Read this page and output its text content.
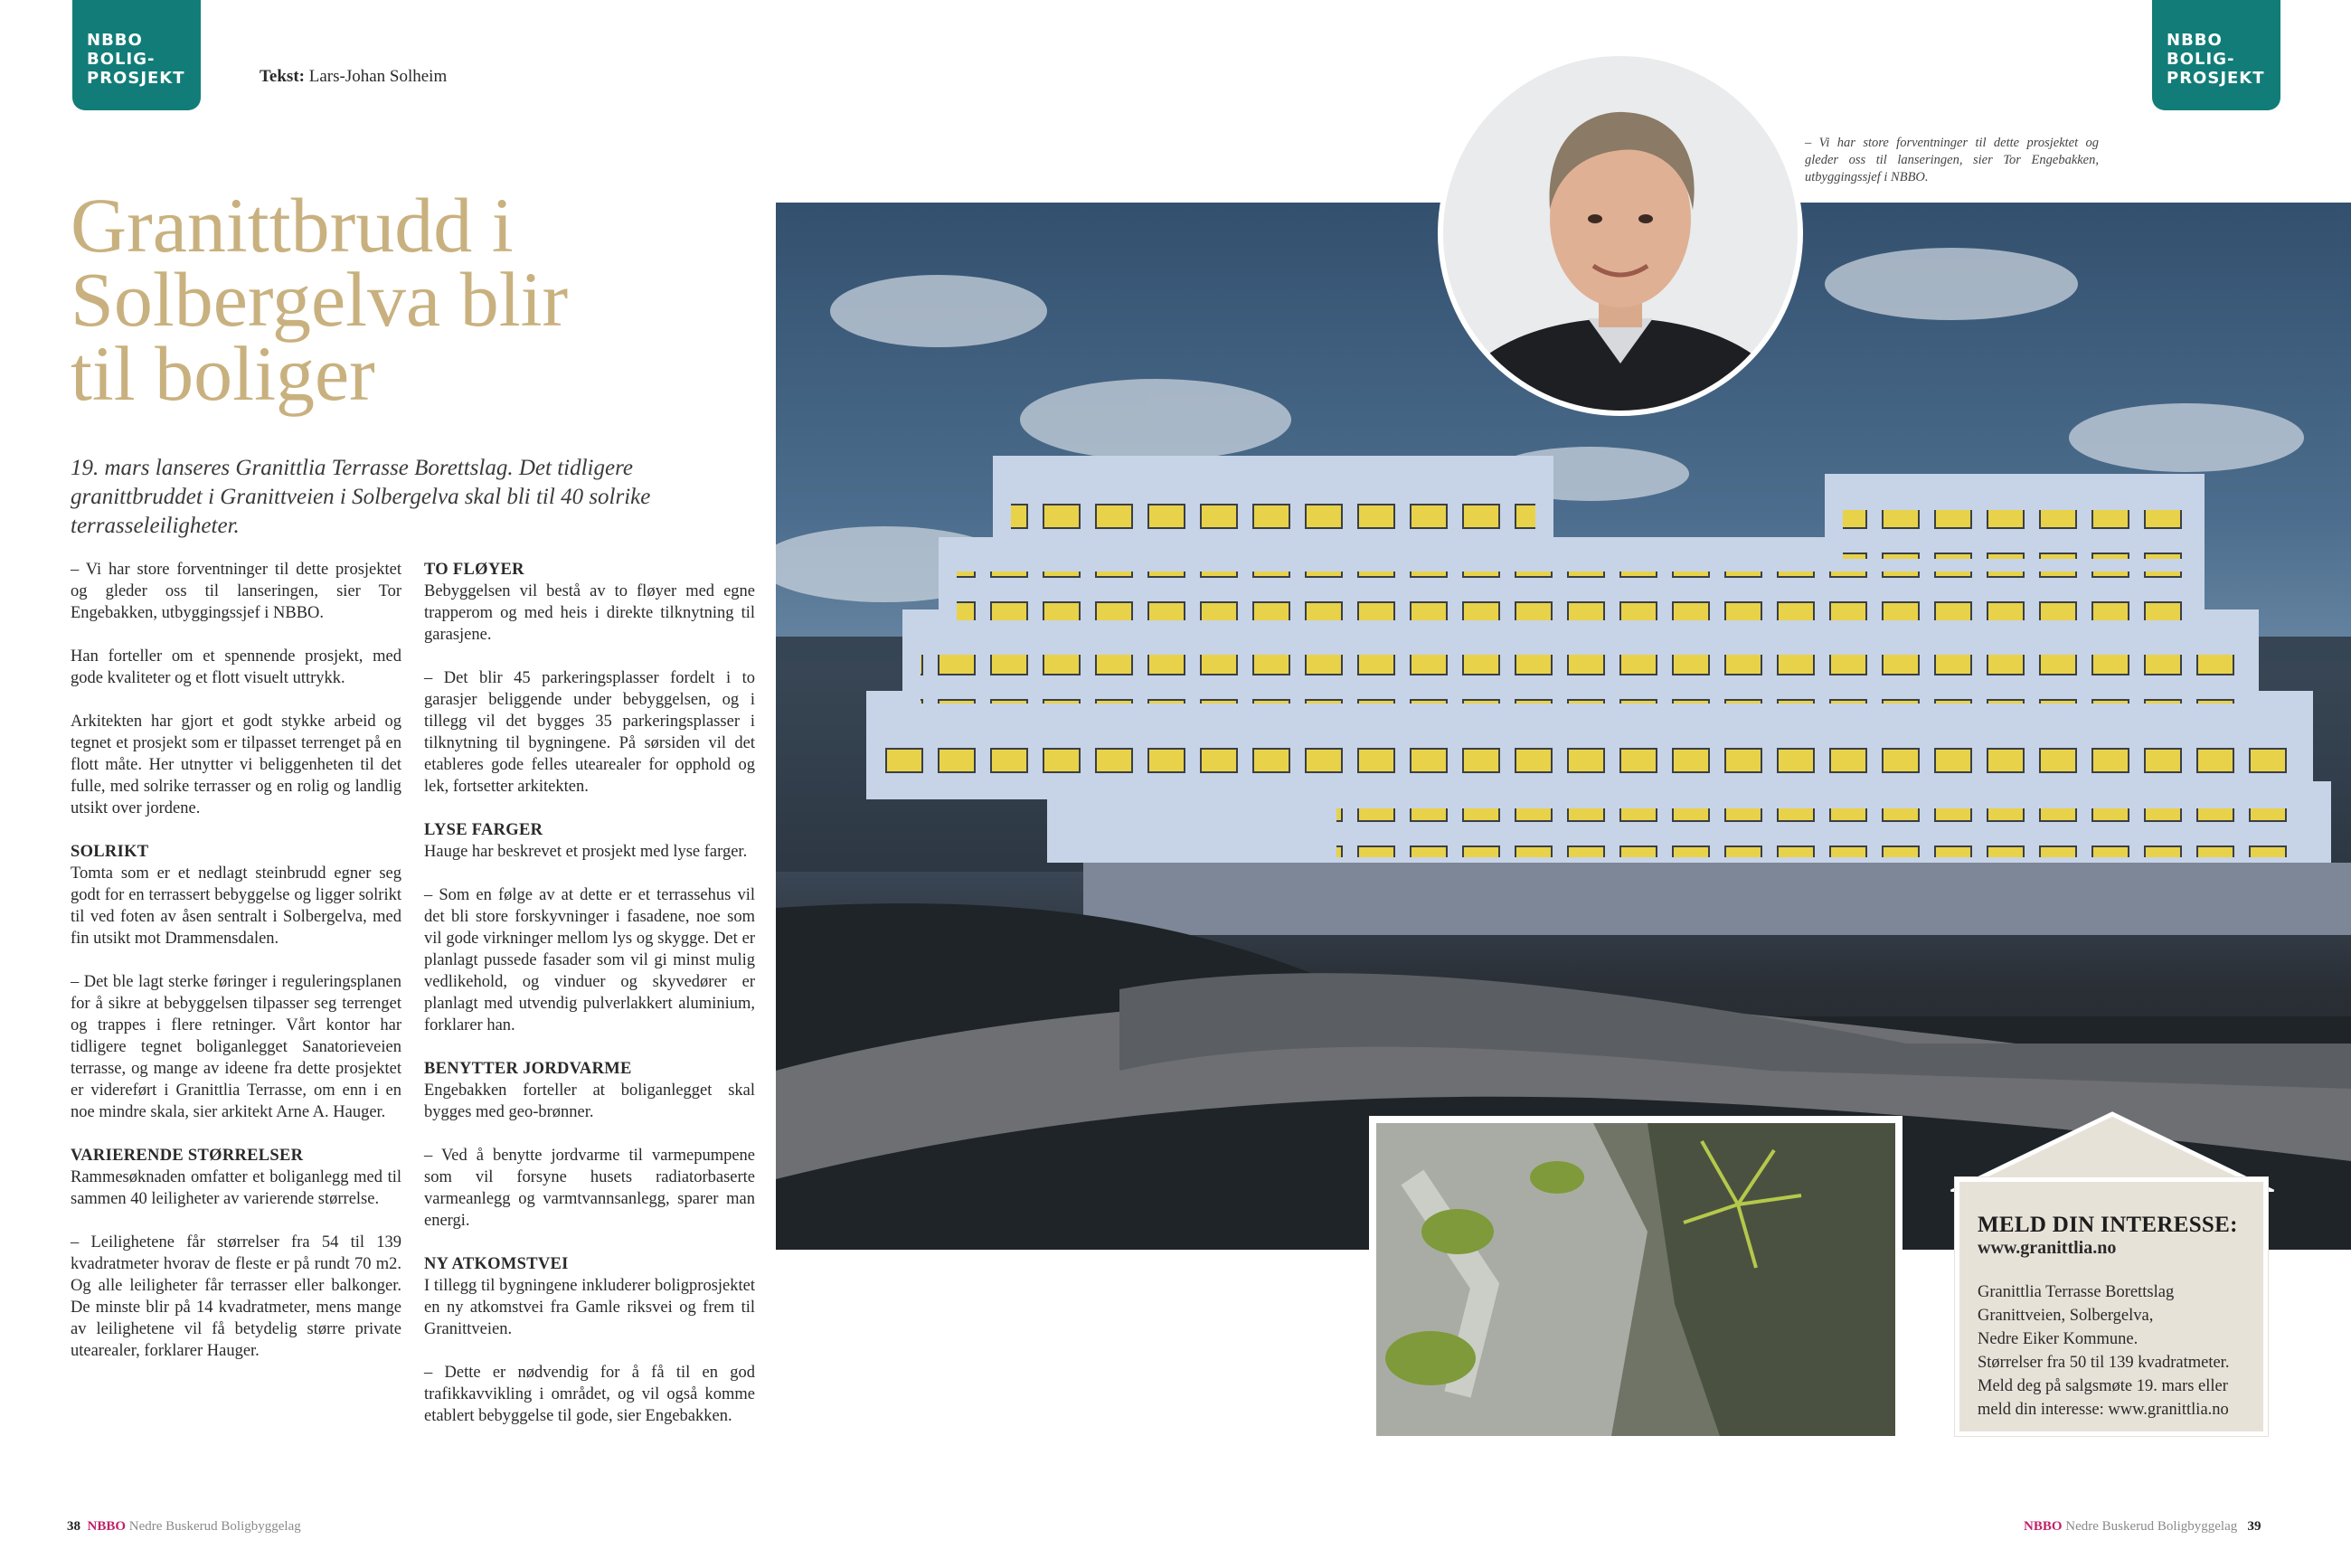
NBBO
BOLIG-
PROSJEKT
NBBO
BOLIG-
PROSJEKT
Tekst: Lars-Johan Solheim
Granittbrudd i
Solbergelva blir
til boliger

19. mars lanseres Granittlia Terrasse Borettslag. Det tidligere granittbruddet i Granittveien i Solbergelva skal bli til 40 solrike terrasseleiligheter.

– Vi har store forventninger til dette prosjektet og gleder oss til lanseringen, sier Tor Engebakken, utbyggingssjef i NBBO.

Han forteller om et spennende prosjekt, med gode kvaliteter og et flott visuelt uttrykk.

Arkitekten har gjort et godt stykke arbeid og tegnet et prosjekt som er tilpasset terrenget på en flott måte. Her utnytter vi beliggenheten til det fulle, med solrike terrasser og en rolig og landlig utsikt over jordene.

SOLRIKT

Tomta som er et nedlagt steinbrudd egner seg godt for en terrassert bebyggelse og ligger solrikt til ved foten av åsen sentralt i Solbergelva, med fin utsikt mot Drammensdalen.

– Det ble lagt sterke føringer i reguleringsplanen for å sikre at bebyggelsen tilpasser seg terrenget og trappes i flere retninger. Vårt kontor har tidligere tegnet boliganlegget Sanatorieveien terrasse, og mange av ideene fra dette prosjektet er videreført i Granittlia Terrasse, om enn i en noe mindre skala, sier arkitekt Arne A. Hauger.

VARIERENDE STØRRELSER

Rammesøknaden omfatter et boliganlegg med til sammen 40 leiligheter av varierende størrelse.

– Leilighetene får størrelser fra 54 til 139 kvadratmeter hvorav de fleste er på rundt 70 m2. Og alle leiligheter får terrasser eller balkonger. De minste blir på 14 kvadratmeter, mens mange av leilighetene vil få betydelig større private utearealer, forklarer Hauger.

TO FLØYER

Bebyggelsen vil bestå av to fløyer med egne trapperom og med heis i direkte tilknytning til garasjene.

– Det blir 45 parkeringsplasser fordelt i to garasjer beliggende under bebyggelsen, og i tillegg vil det bygges 35 parkeringsplasser i tilknytning til bygningene. På sørsiden vil det etableres gode felles utearealer for opphold og lek, fortsetter arkitekten.

LYSE FARGER

Hauge har beskrevet et prosjekt med lyse farger.

– Som en følge av at dette er et terrassehus vil det bli store forskyvninger i fasadene, noe som vil gode virkninger mellom lys og skygge. Det er planlagt pussede fasader som vil gi minst mulig vedlikehold, og vinduer og skyvedører er planlagt med utvendig pulverlakkert aluminium, forklarer han.

BENYTTER JORDVARME

Engebakken forteller at boliganlegget skal bygges med geo-brønner.

– Ved å benytte jordvarme til varmepumpene som vil forsyne husets radiatorbaserte varmeanlegg og varmtvannsanlegg, sparer man energi.

NY ATKOMSTVEI

I tillegg til bygningene inkluderer boligprosjektet en ny atkomstvei fra Gamle riksvei og frem til Granittveien.

– Dette er nødvendig for å få til en god trafikkavvikling i området, og vil også komme etablert bebyggelse til gode, sier Engebakken.

– Vi har store forventninger til dette prosjektet og gleder oss til lanseringen, sier Tor Engebakken, utbyggingssjef i NBBO.

MELD DIN INTERESSE:
www.granittlia.no

Granittlia Terrasse Borettslag

Granittveien, Solbergelva,

Nedre Eiker Kommune.

Størrelser fra 50 til 139 kvadratmeter.

Meld deg på salgsmøte 19. mars eller

meld din interesse: www.granittlia.no

38 NBBO Nedre Buskerud Boligbyggelag	NBBO Nedre Buskerud Boligbyggelag 39
